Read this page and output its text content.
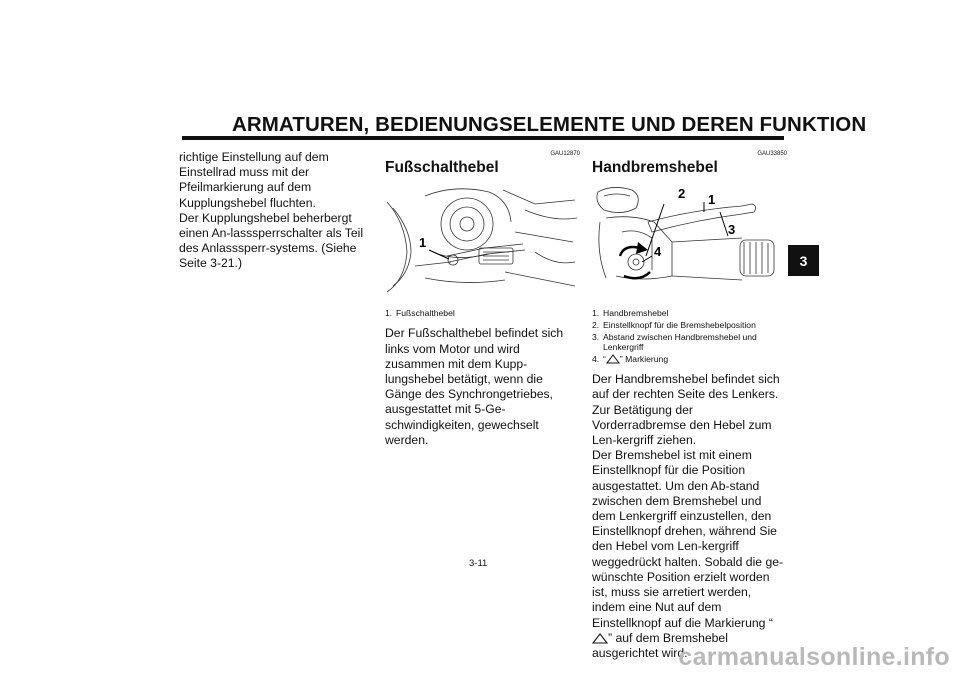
ARMATUREN, BEDIENUNGSELEMENTE UND DEREN FUNKTION
3

richtige Einstellung auf dem Einstellrad muss mit der Pfeilmarkierung auf dem Kupplungshebel fluchten.
Der Kupplungshebel beherbergt einen An-lasssperrschalter als Teil des Anlasssperr-systems. (Siehe Seite 3-21.)

GAU12870
Fußschalthebel
1
1. Fußschalthebel

Der Fußschalthebel befindet sich links vom Motor und wird zusammen mit dem Kupp-lungshebel betätigt, wenn die Gänge des Synchrongetriebes, ausgestattet mit 5-Ge-schwindigkeiten, gewechselt werden.

GAU33850
Handbremshebel
2 1
3
4
1. Handbremshebel
2. Einstellknopf für die Bremshebelposition
3. Abstand zwischen Handbremshebel und Lenkergriff
4. “ ” Markierung

Der Handbremshebel befindet sich auf der rechten Seite des Lenkers. Zur Betätigung der Vorderradbremse den Hebel zum Len-kergriff ziehen.

Der Bremshebel ist mit einem Einstellknopf für die Position ausgestattet. Um den Ab-stand zwischen dem Bremshebel und dem Lenkergriff einzustellen, den Einstellknopf drehen, während Sie den Hebel vom Len-kergriff weggedrückt halten. Sobald die ge-wünschte Position erzielt worden ist, muss sie arretiert werden, indem eine Nut auf dem Einstellknopf auf die Markierung “” auf dem Bremshebel ausgerichtet wird.

3-11
carmanualsonline.info
